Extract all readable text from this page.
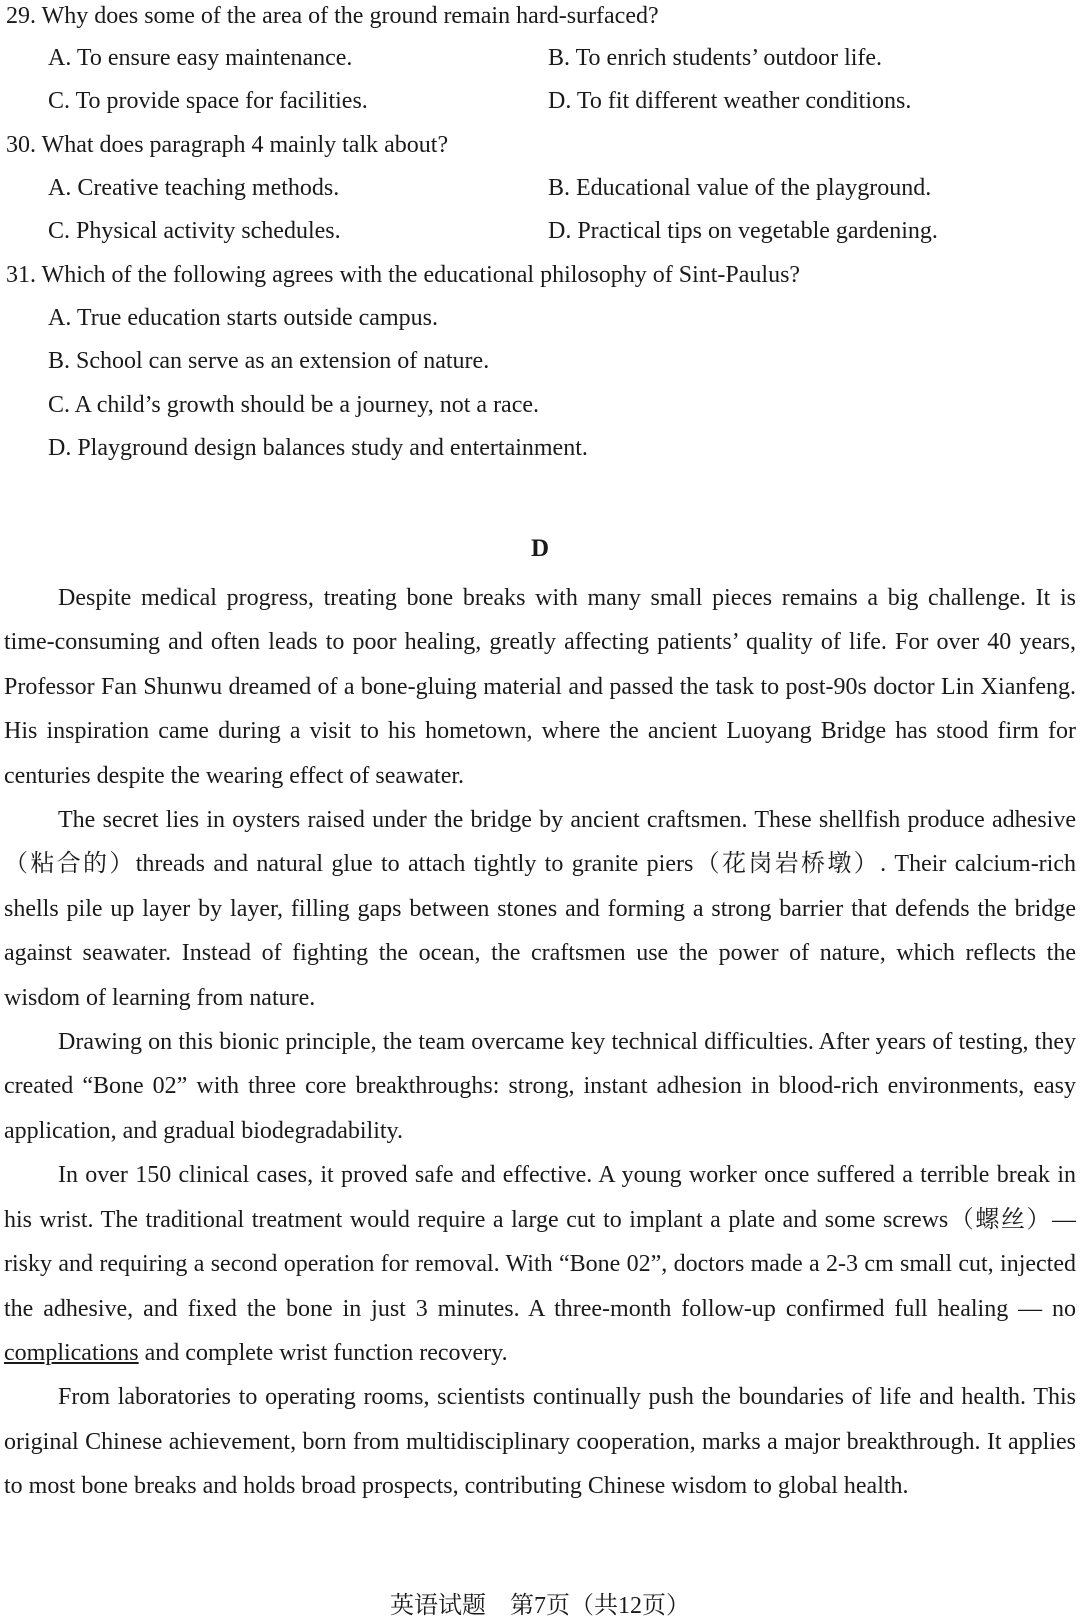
29. Why does some of the area of the ground remain hard-surfaced?
A. To ensure easy maintenance.	B. To enrich students’ outdoor life.
C. To provide space for facilities.	D. To fit different weather conditions.
30. What does paragraph 4 mainly talk about?
A. Creative teaching methods.	B. Educational value of the playground.
C. Physical activity schedules.	D. Practical tips on vegetable gardening.
31. Which of the following agrees with the educational philosophy of Sint-Paulus?
A. True education starts outside campus.
B. School can serve as an extension of nature.
C. A child’s growth should be a journey, not a race.
D. Playground design balances study and entertainment.
D

Despite medical progress, treating bone breaks with many small pieces remains a big challenge. It is time-consuming and often leads to poor healing, greatly affecting patients’ quality of life. For over 40 years, Professor Fan Shunwu dreamed of a bone-gluing material and passed the task to post-90s doctor Lin Xianfeng. His inspiration came during a visit to his hometown, where the ancient Luoyang Bridge has stood firm for centuries despite the wearing effect of seawater.

The secret lies in oysters raised under the bridge by ancient craftsmen. These shellfish produce adhesive（粘合的）threads and natural glue to attach tightly to granite piers（花岗岩桥墩）. Their calcium-rich shells pile up layer by layer, filling gaps between stones and forming a strong barrier that defends the bridge against seawater. Instead of fighting the ocean, the craftsmen use the power of nature, which reflects the wisdom of learning from nature.

Drawing on this bionic principle, the team overcame key technical difficulties. After years of testing, they created “Bone 02” with three core breakthroughs: strong, instant adhesion in blood-rich environments, easy application, and gradual biodegradability.

In over 150 clinical cases, it proved safe and effective. A young worker once suffered a terrible break in his wrist. The traditional treatment would require a large cut to implant a plate and some screws（螺丝）— risky and requiring a second operation for removal. With “Bone 02”, doctors made a 2-3 cm small cut, injected the adhesive, and fixed the bone in just 3 minutes. A three-month follow-up confirmed full healing — no complications and complete wrist function recovery.

From laboratories to operating rooms, scientists continually push the boundaries of life and health. This original Chinese achievement, born from multidisciplinary cooperation, marks a major breakthrough. It applies to most bone breaks and holds broad prospects, contributing Chinese wisdom to global health.

英语试题　第7页（共12页）
